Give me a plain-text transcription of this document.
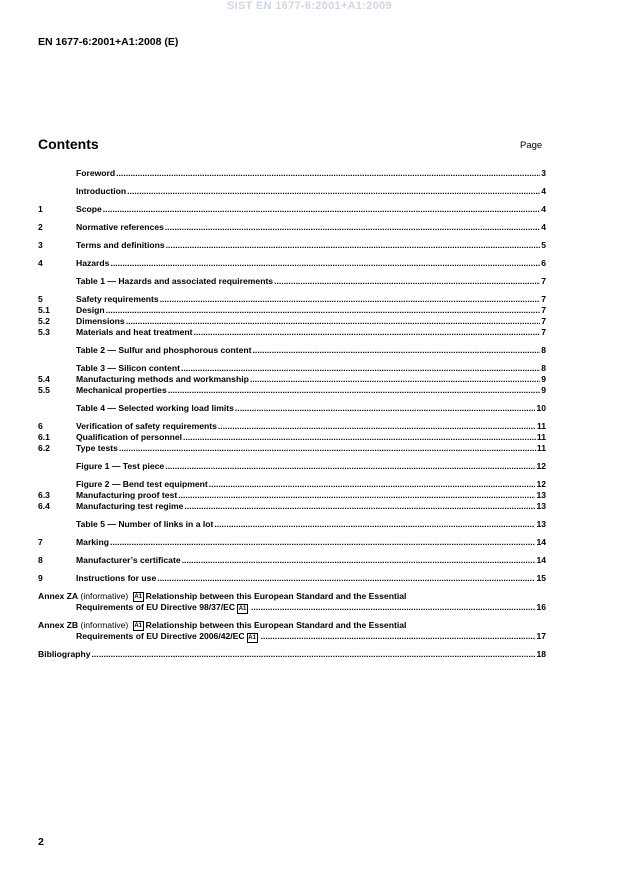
SIST EN 1677-6:2001+A1:2009
EN 1677-6:2001+A1:2008 (E)
Contents	Page
Foreword .....	3
Introduction .....	4
1	Scope .....	4
2	Normative references .....	4
3	Terms and definitions .....	5
4	Hazards .....	6
Table 1 — Hazards and associated requirements .....	7
5	Safety requirements .....	7
5.1	Design .....	7
5.2	Dimensions .....	7
5.3	Materials and heat treatment .....	7
Table 2 — Sulfur and phosphorous content .....	8
Table 3 — Silicon content .....	8
5.4	Manufacturing methods and workmanship .....	9
5.5	Mechanical properties .....	9
Table 4 — Selected working load limits .....	10
6	Verification of safety requirements .....	11
6.1	Qualification of personnel .....	11
6.2	Type tests .....	11
Figure 1 — Test piece .....	12
Figure 2 — Bend test equipment .....	12
6.3	Manufacturing proof test .....	13
6.4	Manufacturing test regime .....	13
Table 5 — Number of links in a lot .....	13
7	Marking .....	14
8	Manufacturer’s certificate .....	14
9	Instructions for use .....	15
Annex ZA (informative) A1 Relationship between this European Standard and the Essential
Requirements of EU Directive 98/37/EC A1 .....	16
Annex ZB (informative) A1 Relationship between this European Standard and the Essential
Requirements of EU Directive 2006/42/EC A1 .....	17
Bibliography .....	18
2
